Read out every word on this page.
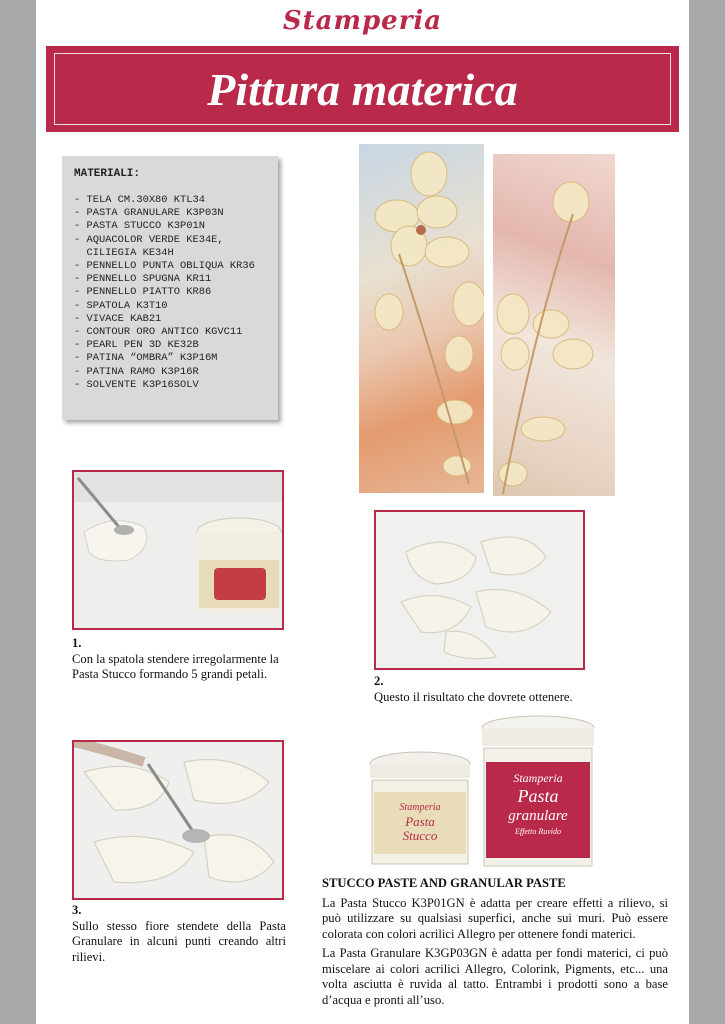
Stamperia
Pittura materica
MATERIALI:
- TELA CM.30X80 KTL34
- PASTA GRANULARE K3P03N
- PASTA STUCCO K3P01N
- AQUACOLOR VERDE KE34E,
CILIEGIA KE34H
- PENNELLO PUNTA OBLIQUA KR36
- PENNELLO SPUGNA KR11
- PENNELLO PIATTO KR86
- SPATOLA K3T10
- VIVACE KAB21
- CONTOUR ORO ANTICO KGVC11
- PEARL PEN 3D KE32B
- PATINA “OMBRA” K3P16M
- PATINA RAMO K3P16R
- SOLVENTE K3P16SOLV
Stamperia
Pasta
Stucco
Stamperia
Pasta
granulare
Effetto Ruvido
1.
Con la spatola stendere irregolarmente la Pasta Stucco formando 5 grandi petali.	2.
Questo il risultato che dovrete ottenere.
3.
Sullo stesso fiore stendete della Pasta Granulare in alcuni punti creando altri rilievi.
STUCCO PASTE AND GRANULAR PASTE

La Pasta Stucco K3P01GN è adatta per creare effetti a rilievo, si può utilizzare su qualsiasi superfici, anche sui muri. Può essere colorata con colori acrilici Allegro per ottenere fondi materici.

La Pasta Granulare K3GP03GN è adatta per fondi materici, ci può miscelare ai colori acrilici Allegro, Colorink, Pigments, etc... una volta asciutta è ruvida al tatto. Entrambi i prodotti sono a base d’acqua e pronti all’uso.
